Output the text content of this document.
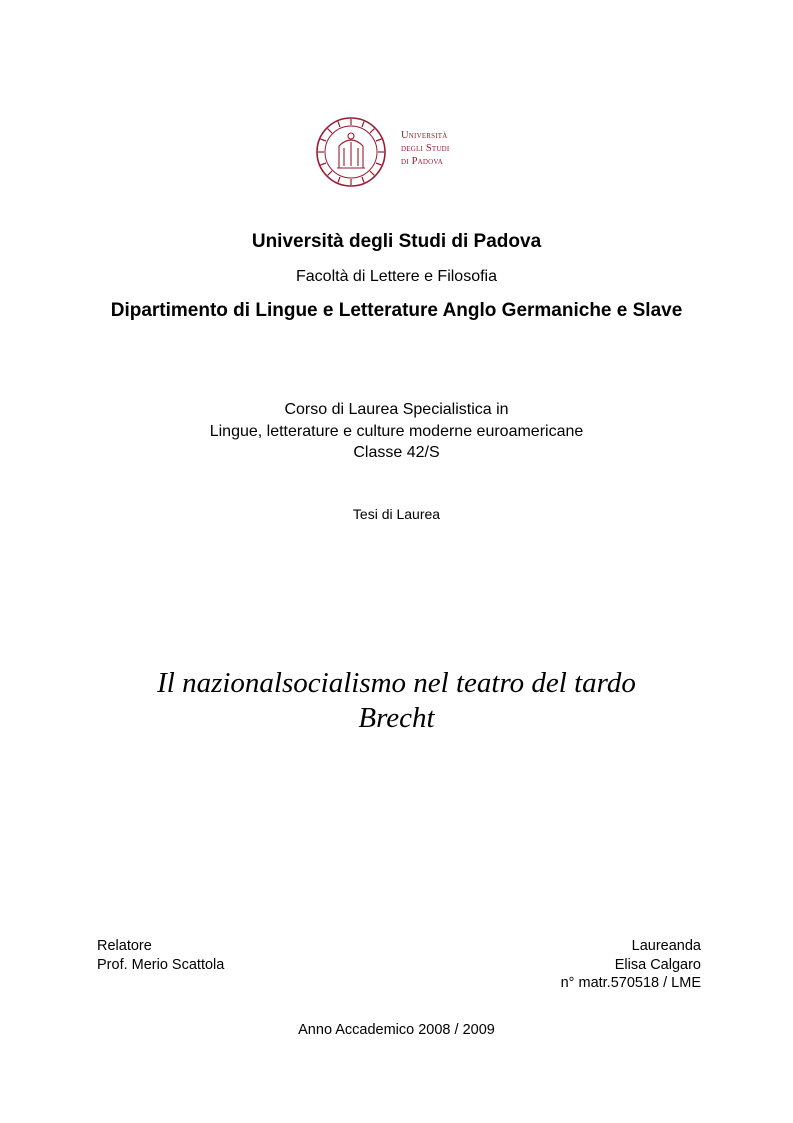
Università
degli Studi
di Padova
Università degli Studi di Padova
Facoltà di Lettere e Filosofia
Dipartimento di Lingue e Letterature Anglo Germaniche e Slave
Corso di Laurea Specialistica in
Lingue, letterature e culture moderne euroamericane
Classe 42/S
Tesi di Laurea
Il nazionalsocialismo nel teatro del tardo
Brecht
Relatore
Prof. Merio Scattola
Laureanda
Elisa Calgaro
n° matr.570518 / LME
Anno Accademico 2008 / 2009
